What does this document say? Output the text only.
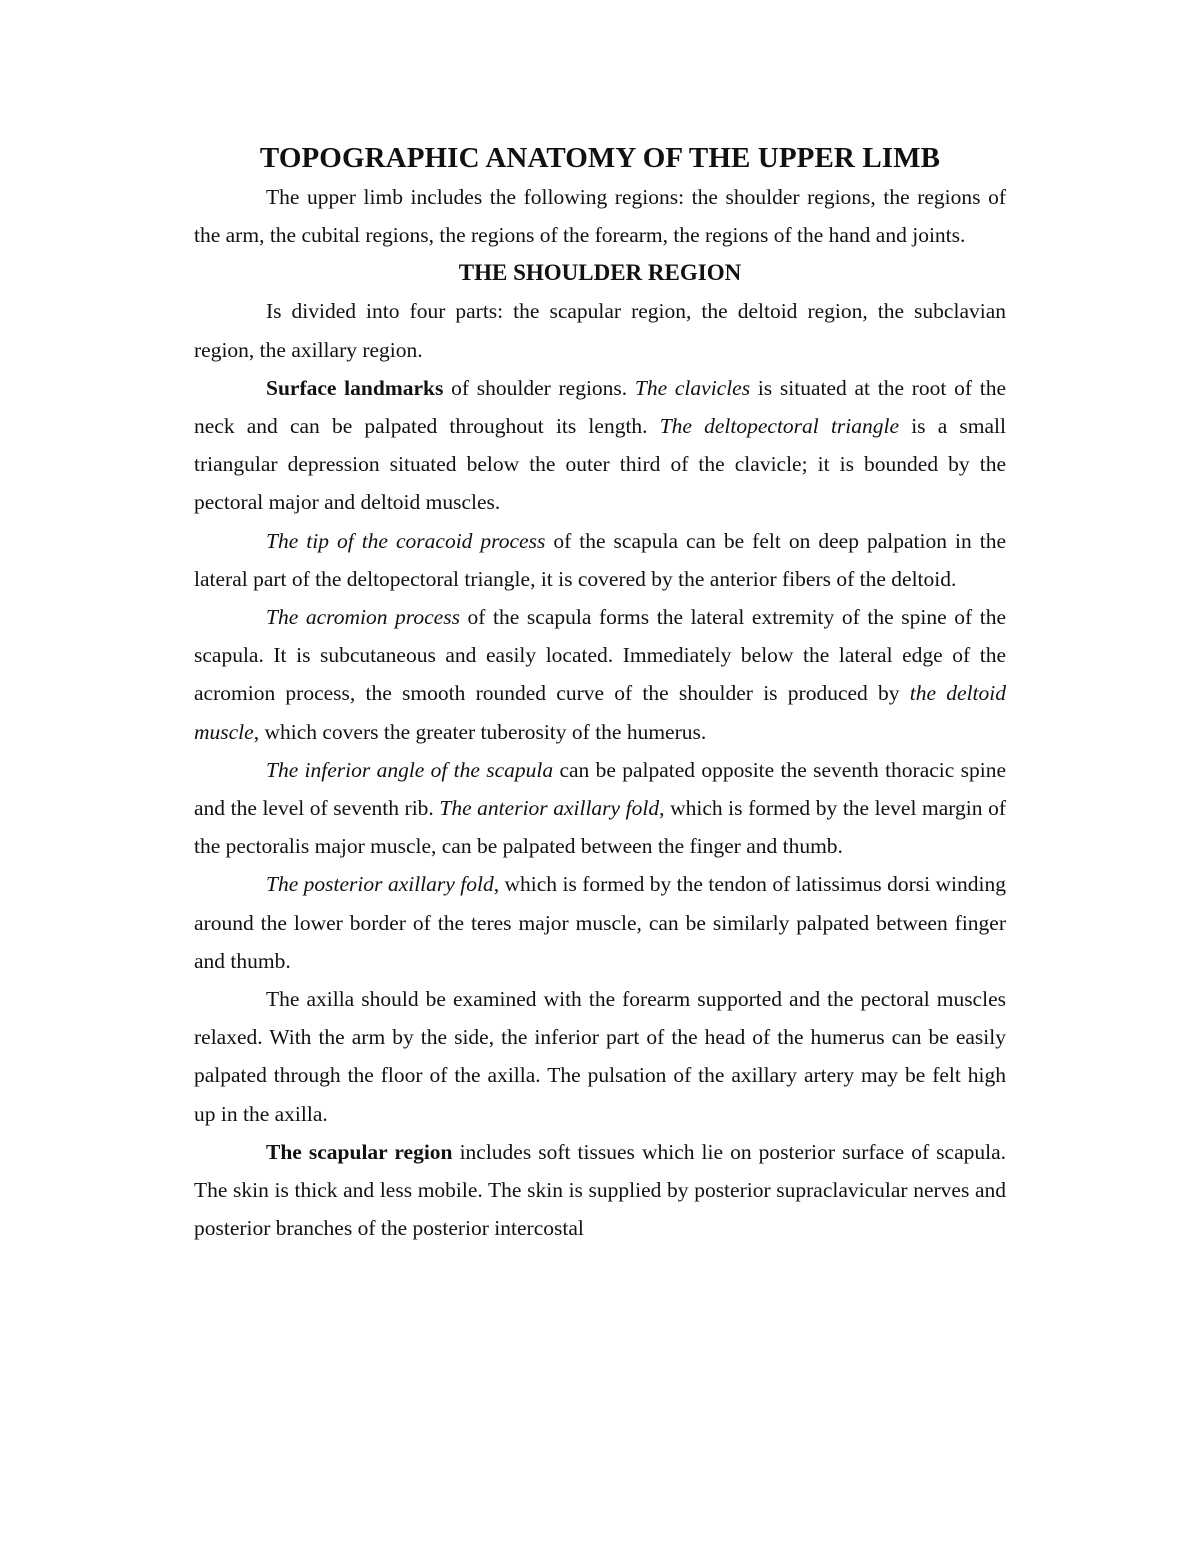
TOPOGRAPHIC ANATOMY OF THE UPPER LIMB

The upper limb includes the following regions: the shoulder regions, the regions of the arm, the cubital regions, the regions of the forearm, the regions of the hand and joints.

THE SHOULDER REGION

Is divided into four parts: the scapular region, the deltoid region, the subclavian region, the axillary region.

Surface landmarks of shoulder regions. The clavicles is situated at the root of the neck and can be palpated throughout its length. The deltopectoral triangle is a small triangular depression situated below the outer third of the clavicle; it is bounded by the pectoral major and deltoid muscles.

The tip of the coracoid process of the scapula can be felt on deep palpation in the lateral part of the deltopectoral triangle, it is covered by the anterior fibers of the deltoid.

The acromion process of the scapula forms the lateral extremity of the spine of the scapula. It is subcutaneous and easily located. Immediately below the lateral edge of the acromion process, the smooth rounded curve of the shoulder is produced by the deltoid muscle, which covers the greater tuberosity of the humerus.

The inferior angle of the scapula can be palpated opposite the seventh thoracic spine and the level of seventh rib. The anterior axillary fold, which is formed by the level margin of the pectoralis major muscle, can be palpated between the finger and thumb.

The posterior axillary fold, which is formed by the tendon of latissimus dorsi winding around the lower border of the teres major muscle, can be similarly palpated between finger and thumb.

The axilla should be examined with the forearm supported and the pectoral muscles relaxed. With the arm by the side, the inferior part of the head of the humerus can be easily palpated through the floor of the axilla. The pulsation of the axillary artery may be felt high up in the axilla.

The scapular region includes soft tissues which lie on posterior surface of scapula. The skin is thick and less mobile. The skin is supplied by posterior supraclavicular nerves and posterior branches of the posterior intercostal
